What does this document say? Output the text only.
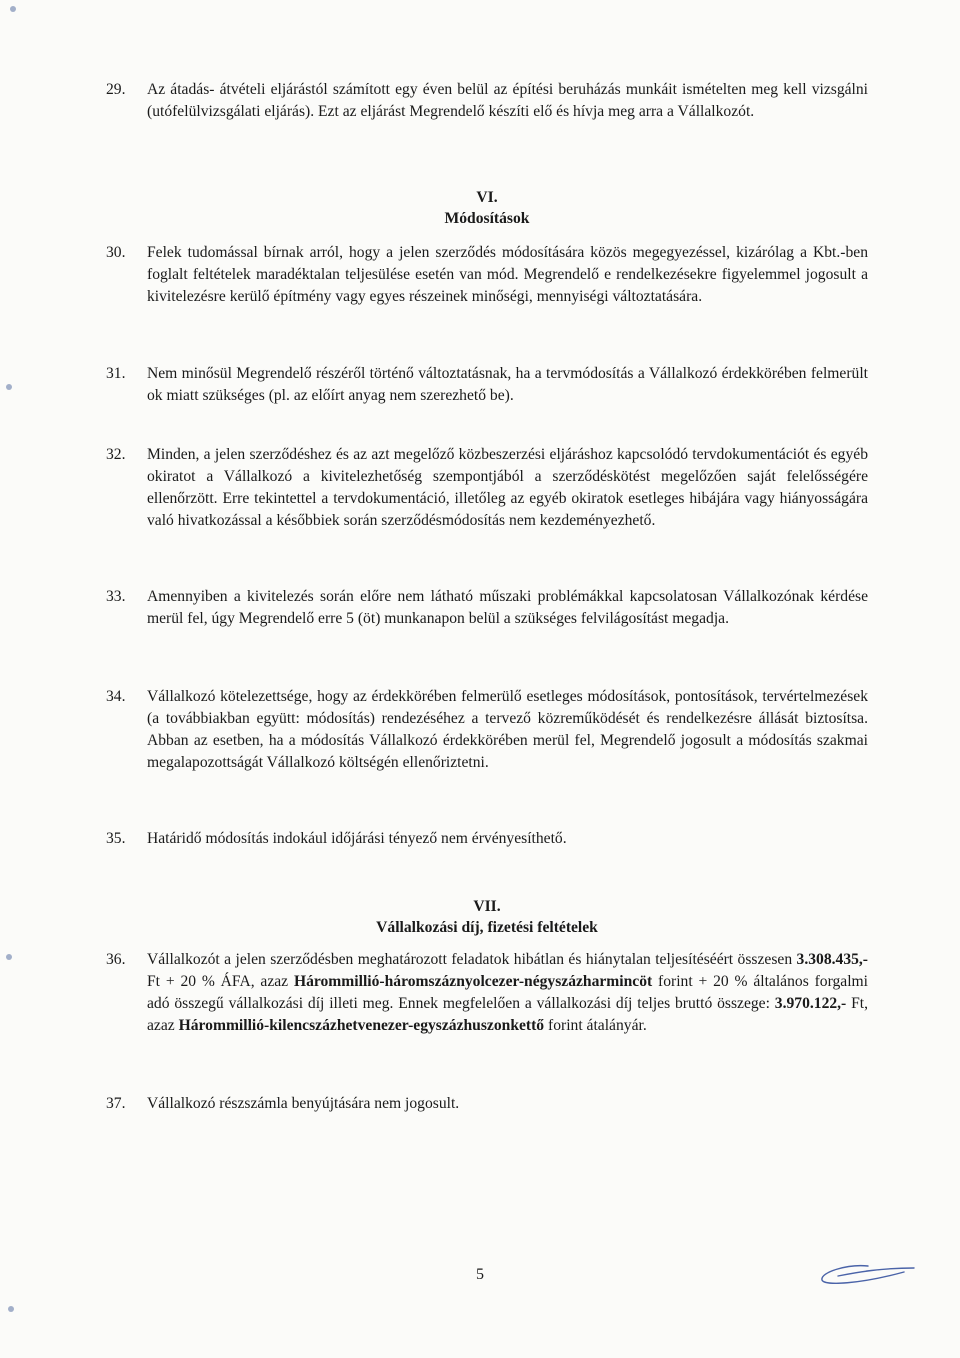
29.	Az átadás- átvételi eljárástól számított egy éven belül az építési beruházás munkáit ismételten meg kell vizsgálni (utófelülvizsgálati eljárás). Ezt az eljárást Megrendelő készíti elő és hívja meg arra a Vállalkozót.
VI.
Módosítások
30.	Felek tudomással bírnak arról, hogy a jelen szerződés módosítására közös megegyezéssel, kizárólag a Kbt.-ben foglalt feltételek maradéktalan teljesülése esetén van mód. Megrendelő e rendelkezésekre figyelemmel jogosult a kivitelezésre kerülő építmény vagy egyes részeinek minőségi, mennyiségi változtatására.
31.	Nem minősül Megrendelő részéről történő változtatásnak, ha a tervmódosítás a Vállalkozó érdekkörében felmerült ok miatt szükséges (pl. az előírt anyag nem szerezhető be).
32.	Minden, a jelen szerződéshez és az azt megelőző közbeszerzési eljáráshoz kapcsolódó tervdokumentációt és egyéb okiratot a Vállalkozó a kivitelezhetőség szempontjából a szerződéskötést megelőzően saját felelősségére ellenőrzött. Erre tekintettel a tervdokumentáció, illetőleg az egyéb okiratok esetleges hibájára vagy hiányosságára való hivatkozással a későbbiek során szerződésmódosítás nem kezdeményezhető.
33.	Amennyiben a kivitelezés során előre nem látható műszaki problémákkal kapcsolatosan Vállalkozónak kérdése merül fel, úgy Megrendelő erre 5 (öt) munkanapon belül a szükséges felvilágosítást megadja.
34.	Vállalkozó kötelezettsége, hogy az érdekkörében felmerülő esetleges módosítások, pontosítások, tervértelmezések (a továbbiakban együtt: módosítás) rendezéséhez a tervező közreműködését és rendelkezésre állását biztosítsa. Abban az esetben, ha a módosítás Vállalkozó érdekkörében merül fel, Megrendelő jogosult a módosítás szakmai megalapozottságát Vállalkozó költségén ellenőriztetni.
35.	Határidő módosítás indokául időjárási tényező nem érvényesíthető.
VII.
Vállalkozási díj, fizetési feltételek
36.	Vállalkozót a jelen szerződésben meghatározott feladatok hibátlan és hiánytalan teljesítéséért összesen 3.308.435,- Ft + 20 % ÁFA, azaz Hárommillió-háromszáznyolcezer-négyszázharmincöt forint + 20 % általános forgalmi adó összegű vállalkozási díj illeti meg. Ennek megfelelően a vállalkozási díj teljes bruttó összege: 3.970.122,- Ft, azaz Hárommillió-kilencszázhetvenezer-egyszázhuszonkettő forint átalányár.
37.	Vállalkozó részszámla benyújtására nem jogosult.
5
